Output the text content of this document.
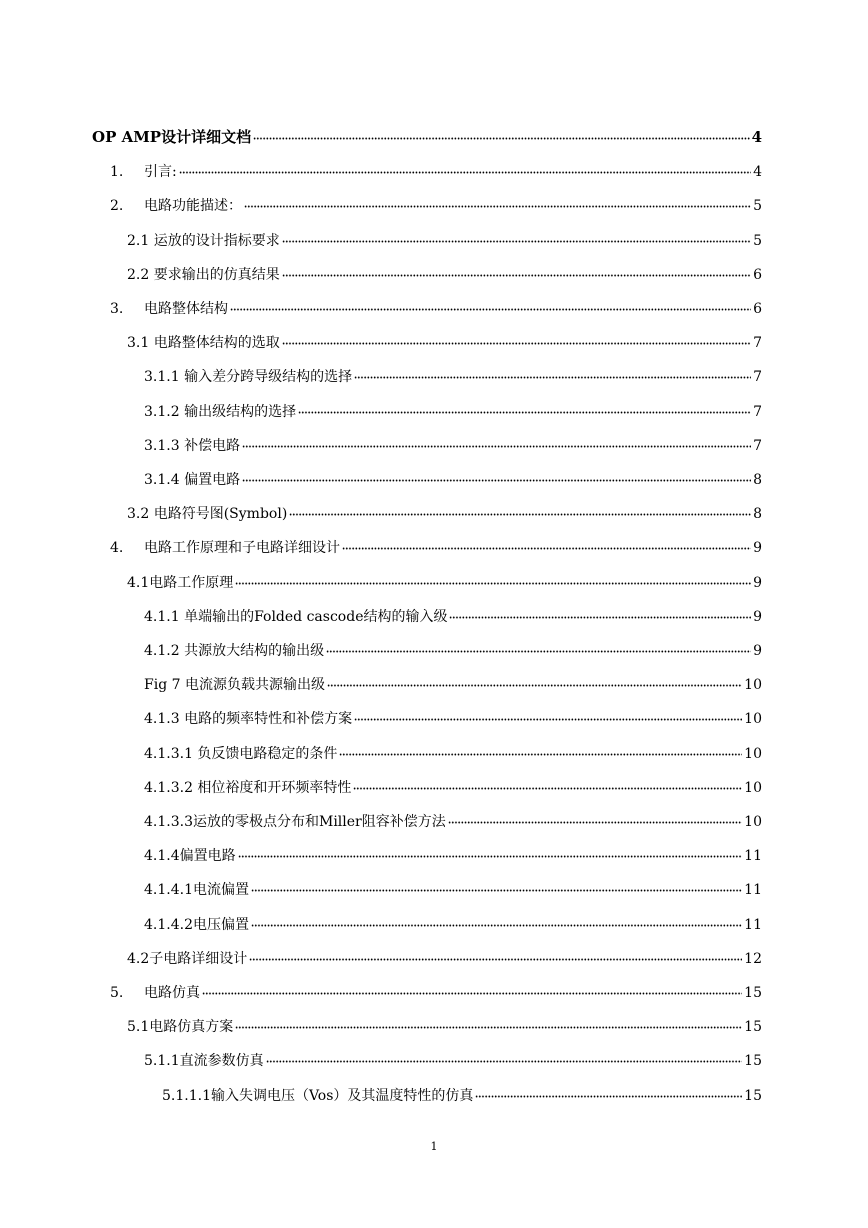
OP AMP设计详细文档	4
1.	引言:	4
2.	电路功能描述：	5
2.1 运放的设计指标要求	5
2.2 要求输出的仿真结果	6
3.	电路整体结构	6
3.1 电路整体结构的选取	7
3.1.1 输入差分跨导级结构的选择	7
3.1.2 输出级结构的选择	7
3.1.3 补偿电路	7
3.1.4 偏置电路	8
3.2 电路符号图(Symbol)	8
4.	电路工作原理和子电路详细设计	9
4.1电路工作原理	9
4.1.1 单端输出的Folded cascode结构的输入级	9
4.1.2 共源放大结构的输出级	9
Fig 7 电流源负载共源输出级	10
4.1.3 电路的频率特性和补偿方案	10
4.1.3.1 负反馈电路稳定的条件	10
4.1.3.2 相位裕度和开环频率特性	10
4.1.3.3运放的零极点分布和Miller阻容补偿方法	10
4.1.4偏置电路	11
4.1.4.1电流偏置	11
4.1.4.2电压偏置	11
4.2子电路详细设计	12
5.	电路仿真	15
5.1电路仿真方案	15
5.1.1直流参数仿真	15
5.1.1.1输入失调电压（Vos）及其温度特性的仿真	15
1
